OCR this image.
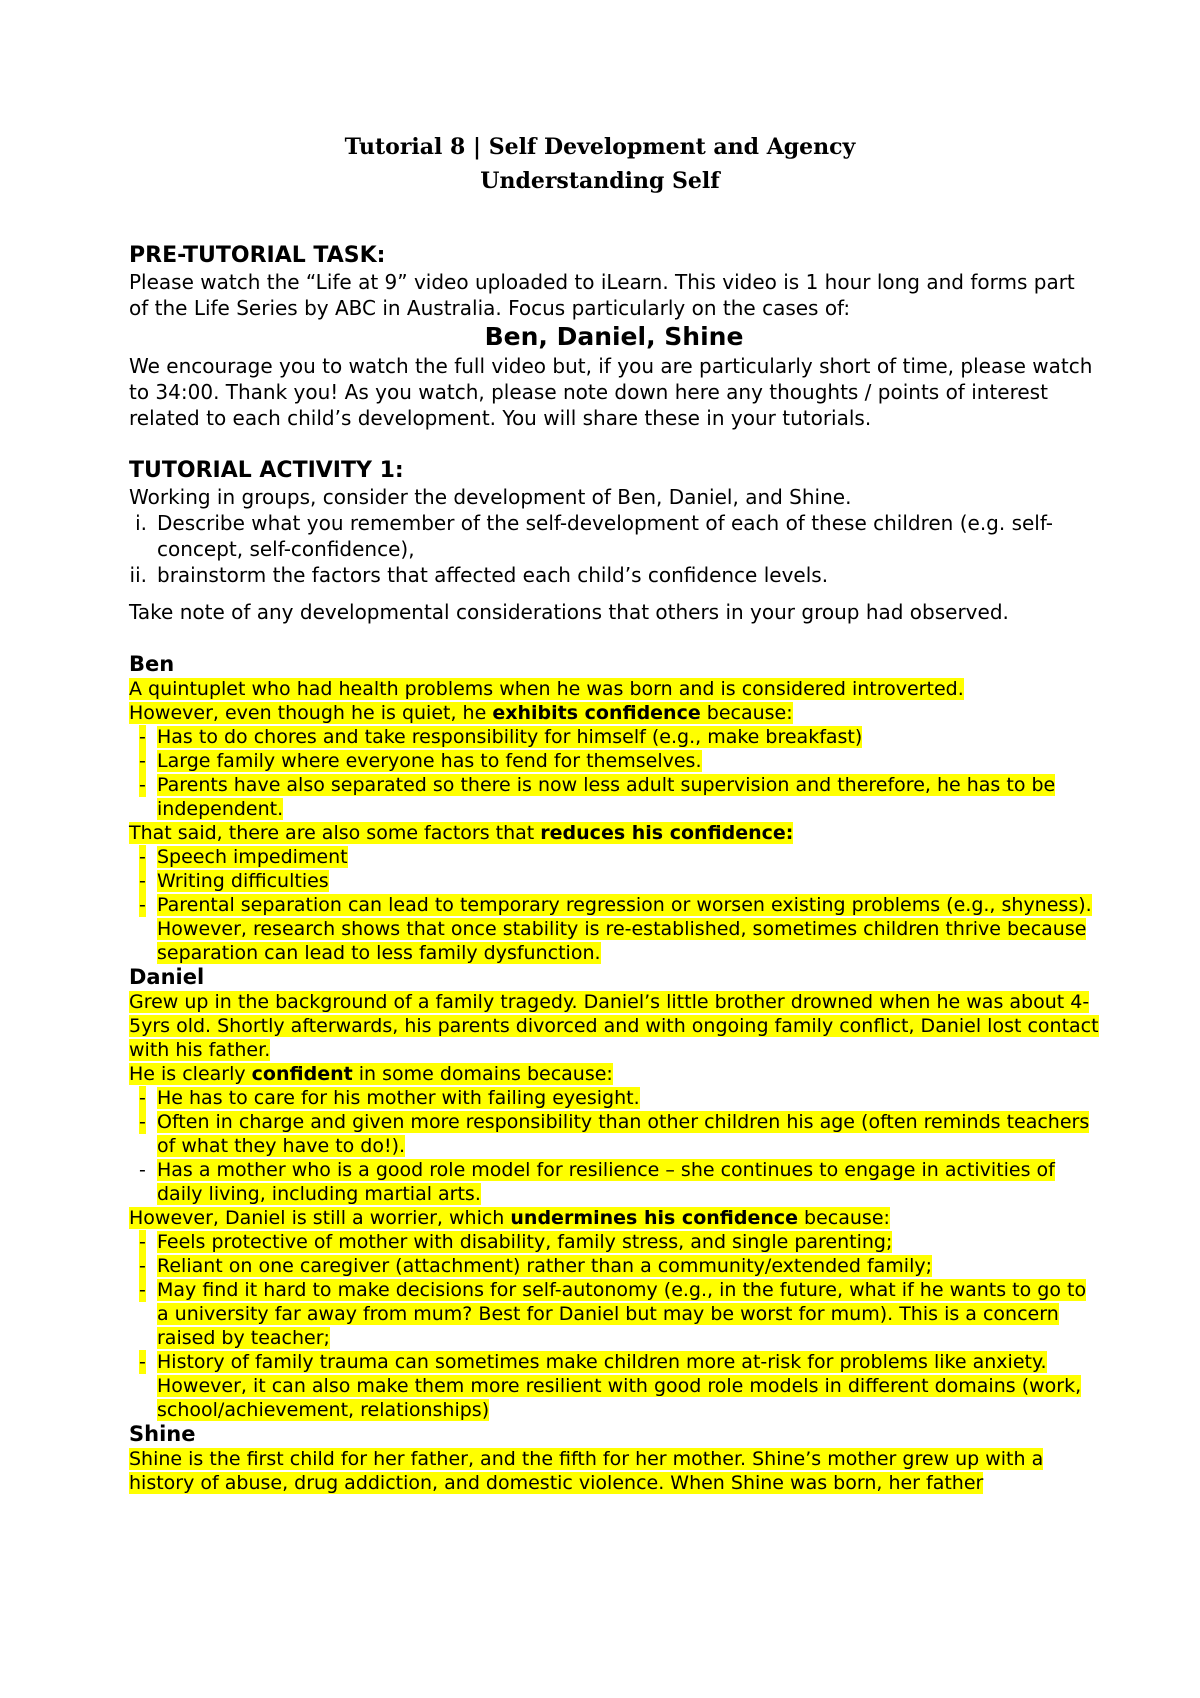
Tutorial 8 | Self Development and Agency

Understanding Self

PRE-TUTORIAL TASK:

Please watch the “Life at 9” video uploaded to iLearn. This video is 1 hour long and forms part of the Life Series by ABC in Australia. Focus particularly on the cases of:

Ben, Daniel, Shine

We encourage you to watch the full video but, if you are particularly short of time, please watch to 34:00. Thank you! As you watch, please note down here any thoughts / points of interest related to each child’s development. You will share these in your tutorials.

TUTORIAL ACTIVITY 1:

Working in groups, consider the development of Ben, Daniel, and Shine.

i. Describe what you remember of the self-development of each of these children (e.g. self-concept, self-confidence),
ii. brainstorm the factors that affected each child’s confidence levels.

Take note of any developmental considerations that others in your group had observed.

Ben

A quintuplet who had health problems when he was born and is considered introverted.

However, even though he is quiet, he exhibits confidence because:

- Has to do chores and take responsibility for himself (e.g., make breakfast)
- Large family where everyone has to fend for themselves.
- Parents have also separated so there is now less adult supervision and therefore, he has to be independent.

That said, there are also some factors that reduces his confidence:

- Speech impediment
- Writing difficulties
- Parental separation can lead to temporary regression or worsen existing problems (e.g., shyness). However, research shows that once stability is re-established, sometimes children thrive because separation can lead to less family dysfunction.

Daniel

Grew up in the background of a family tragedy. Daniel’s little brother drowned when he was about 4-5yrs old. Shortly afterwards, his parents divorced and with ongoing family conflict, Daniel lost contact with his father.

He is clearly confident in some domains because:

- He has to care for his mother with failing eyesight.
- Often in charge and given more responsibility than other children his age (often reminds teachers of what they have to do!).
- Has a mother who is a good role model for resilience – she continues to engage in activities of daily living, including martial arts.

However, Daniel is still a worrier, which undermines his confidence because:

- Feels protective of mother with disability, family stress, and single parenting;
- Reliant on one caregiver (attachment) rather than a community/extended family;
- May find it hard to make decisions for self-autonomy (e.g., in the future, what if he wants to go to a university far away from mum? Best for Daniel but may be worst for mum). This is a concern raised by teacher;
- History of family trauma can sometimes make children more at-risk for problems like anxiety. However, it can also make them more resilient with good role models in different domains (work, school/achievement, relationships)

Shine

Shine is the first child for her father, and the fifth for her mother. Shine’s mother grew up with a history of abuse, drug addiction, and domestic violence. When Shine was born, her father
